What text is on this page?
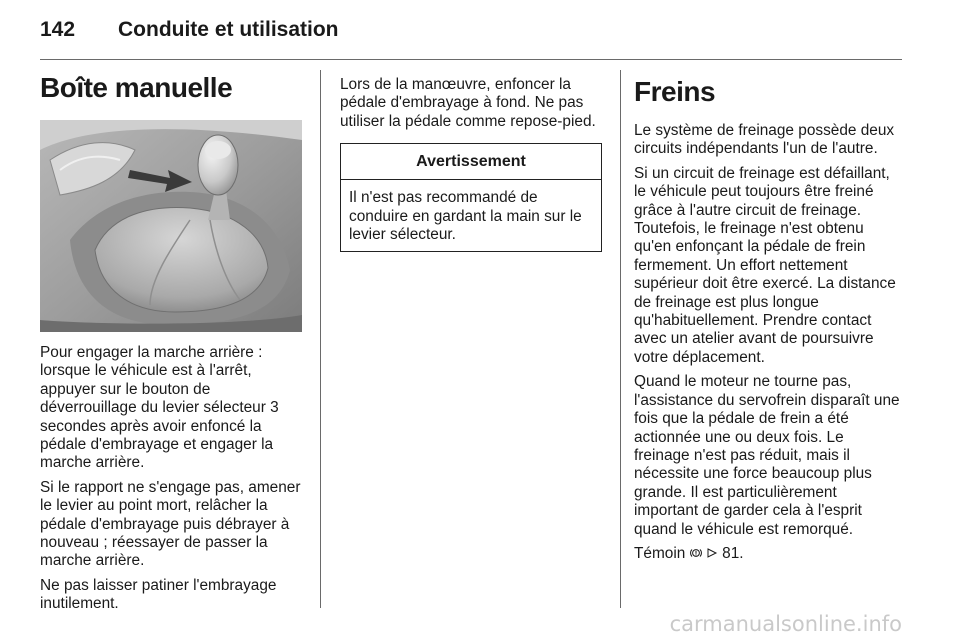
142	Conduite et utilisation
Boîte manuelle

Pour engager la marche arrière : lorsque le véhicule est à l'arrêt, appuyer sur le bouton de déverrouillage du levier sélecteur 3 secondes après avoir enfoncé la pédale d'embrayage et engager la marche arrière.

Si le rapport ne s'engage pas, amener le levier au point mort, relâcher la pédale d'embrayage puis débrayer à nouveau ; réessayer de passer la marche arrière.

Ne pas laisser patiner l'embrayage inutilement.

Lors de la manœuvre, enfoncer la pédale d'embrayage à fond. Ne pas utiliser la pédale comme repose-pied.

Avertissement
Il n'est pas recommandé de conduire en gardant la main sur le levier sélecteur.
Freins

Le système de freinage possède deux circuits indépendants l'un de l'autre.

Si un circuit de freinage est défaillant, le véhicule peut toujours être freiné grâce à l'autre circuit de freinage. Toutefois, le freinage n'est obtenu qu'en enfonçant la pédale de frein fermement. Un effort nettement supérieur doit être exercé. La distance de freinage est plus longue qu'habituellement. Prendre contact avec un atelier avant de poursuivre votre déplacement.

Quand le moteur ne tourne pas, l'assistance du servofrein disparaît une fois que la pédale de frein a été actionnée une ou deux fois. Le freinage n'est pas réduit, mais il nécessite une force beaucoup plus grande. Il est particulièrement important de garder cela à l'esprit quand le véhicule est remorqué.

Témoin 81.

carmanualsonline.info
